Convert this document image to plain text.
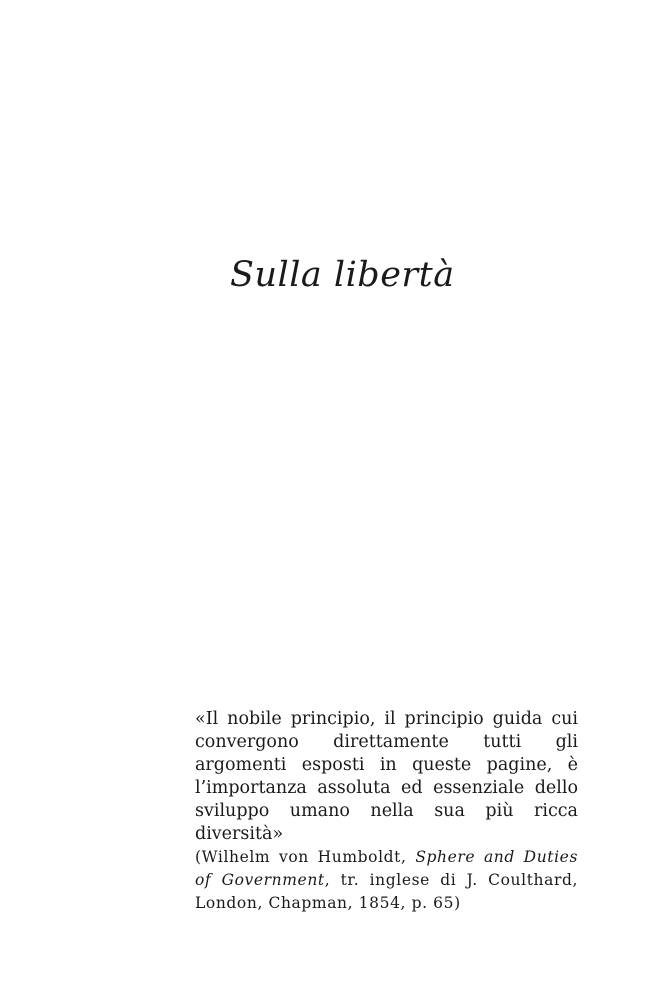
Sulla libertà

«Il nobile principio, il principio guida cui convergono direttamente tutti gli argomenti esposti in queste pagine, è l’importanza assoluta ed essenziale dello sviluppo umano nella sua più ricca diversità»

(Wilhelm von Humboldt, Sphere and Duties of Government, tr. inglese di J. Coulthard, London, Chapman, 1854, p. 65)
